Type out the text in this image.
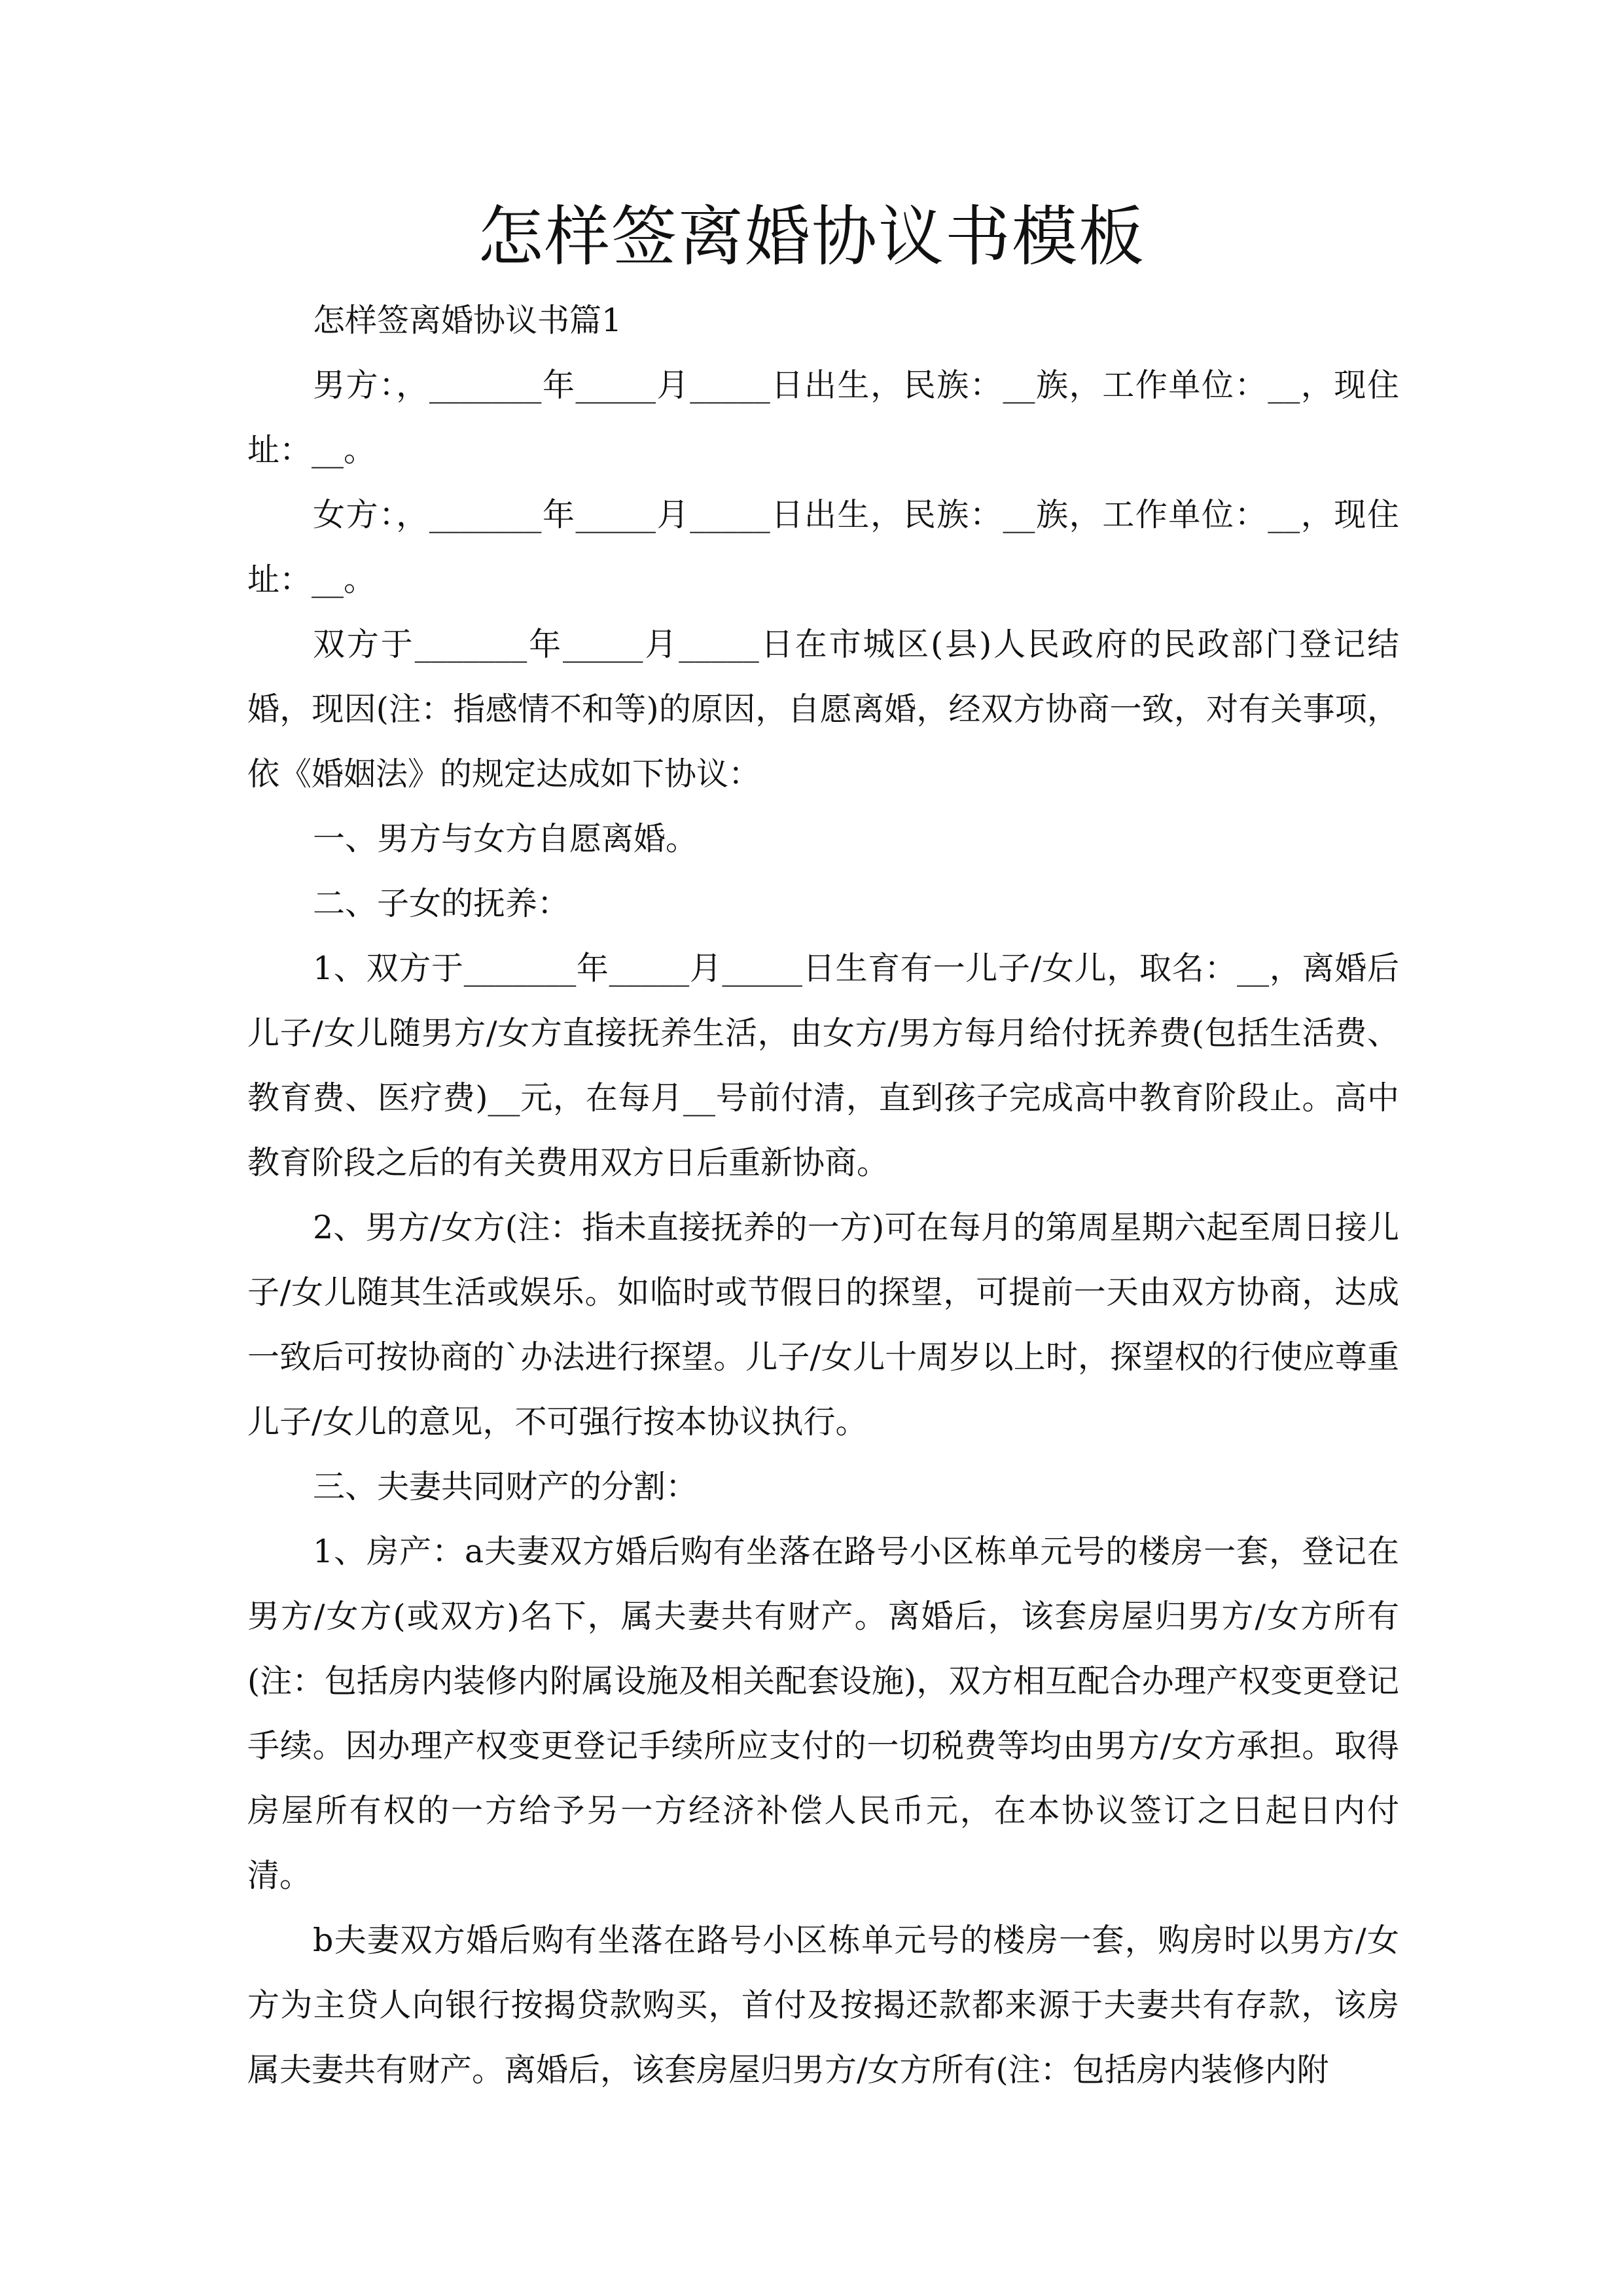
怎样签离婚协议书模板

怎样签离婚协议书篇1

男方：，_______年_____月_____日出生，民族：__族，工作单位：__，现住址：__。

女方：，_______年_____月_____日出生，民族：__族，工作单位：__，现住址：__。

双方于_______年_____月_____日在市城区(县)人民政府的民政部门登记结婚，现因(注：指感情不和等)的原因，自愿离婚，经双方协商一致，对有关事项，依《婚姻法》的规定达成如下协议：

一、男方与女方自愿离婚。

二、子女的抚养：

1、双方于_______年_____月_____日生育有一儿子/女儿，取名：__，离婚后儿子/女儿随男方/女方直接抚养生活，由女方/男方每月给付抚养费(包括生活费、教育费、医疗费)__元，在每月__号前付清，直到孩子完成高中教育阶段止。高中教育阶段之后的有关费用双方日后重新协商。

2、男方/女方(注：指未直接抚养的一方)可在每月的第周星期六起至周日接儿子/女儿随其生活或娱乐。如临时或节假日的探望，可提前一天由双方协商，达成一致后可按协商的`办法进行探望。儿子/女儿十周岁以上时，探望权的行使应尊重儿子/女儿的意见，不可强行按本协议执行。

三、夫妻共同财产的分割：

1、房产：a夫妻双方婚后购有坐落在路号小区栋单元号的楼房一套，登记在男方/女方(或双方)名下，属夫妻共有财产。离婚后，该套房屋归男方/女方所有(注：包括房内装修内附属设施及相关配套设施)，双方相互配合办理产权变更登记手续。因办理产权变更登记手续所应支付的一切税费等均由男方/女方承担。取得房屋所有权的一方给予另一方经济补偿人民币元，在本协议签订之日起日内付清。

b夫妻双方婚后购有坐落在路号小区栋单元号的楼房一套，购房时以男方/女方为主贷人向银行按揭贷款购买，首付及按揭还款都来源于夫妻共有存款，该房属夫妻共有财产。离婚后，该套房屋归男方/女方所有(注：包括房内装修内附
